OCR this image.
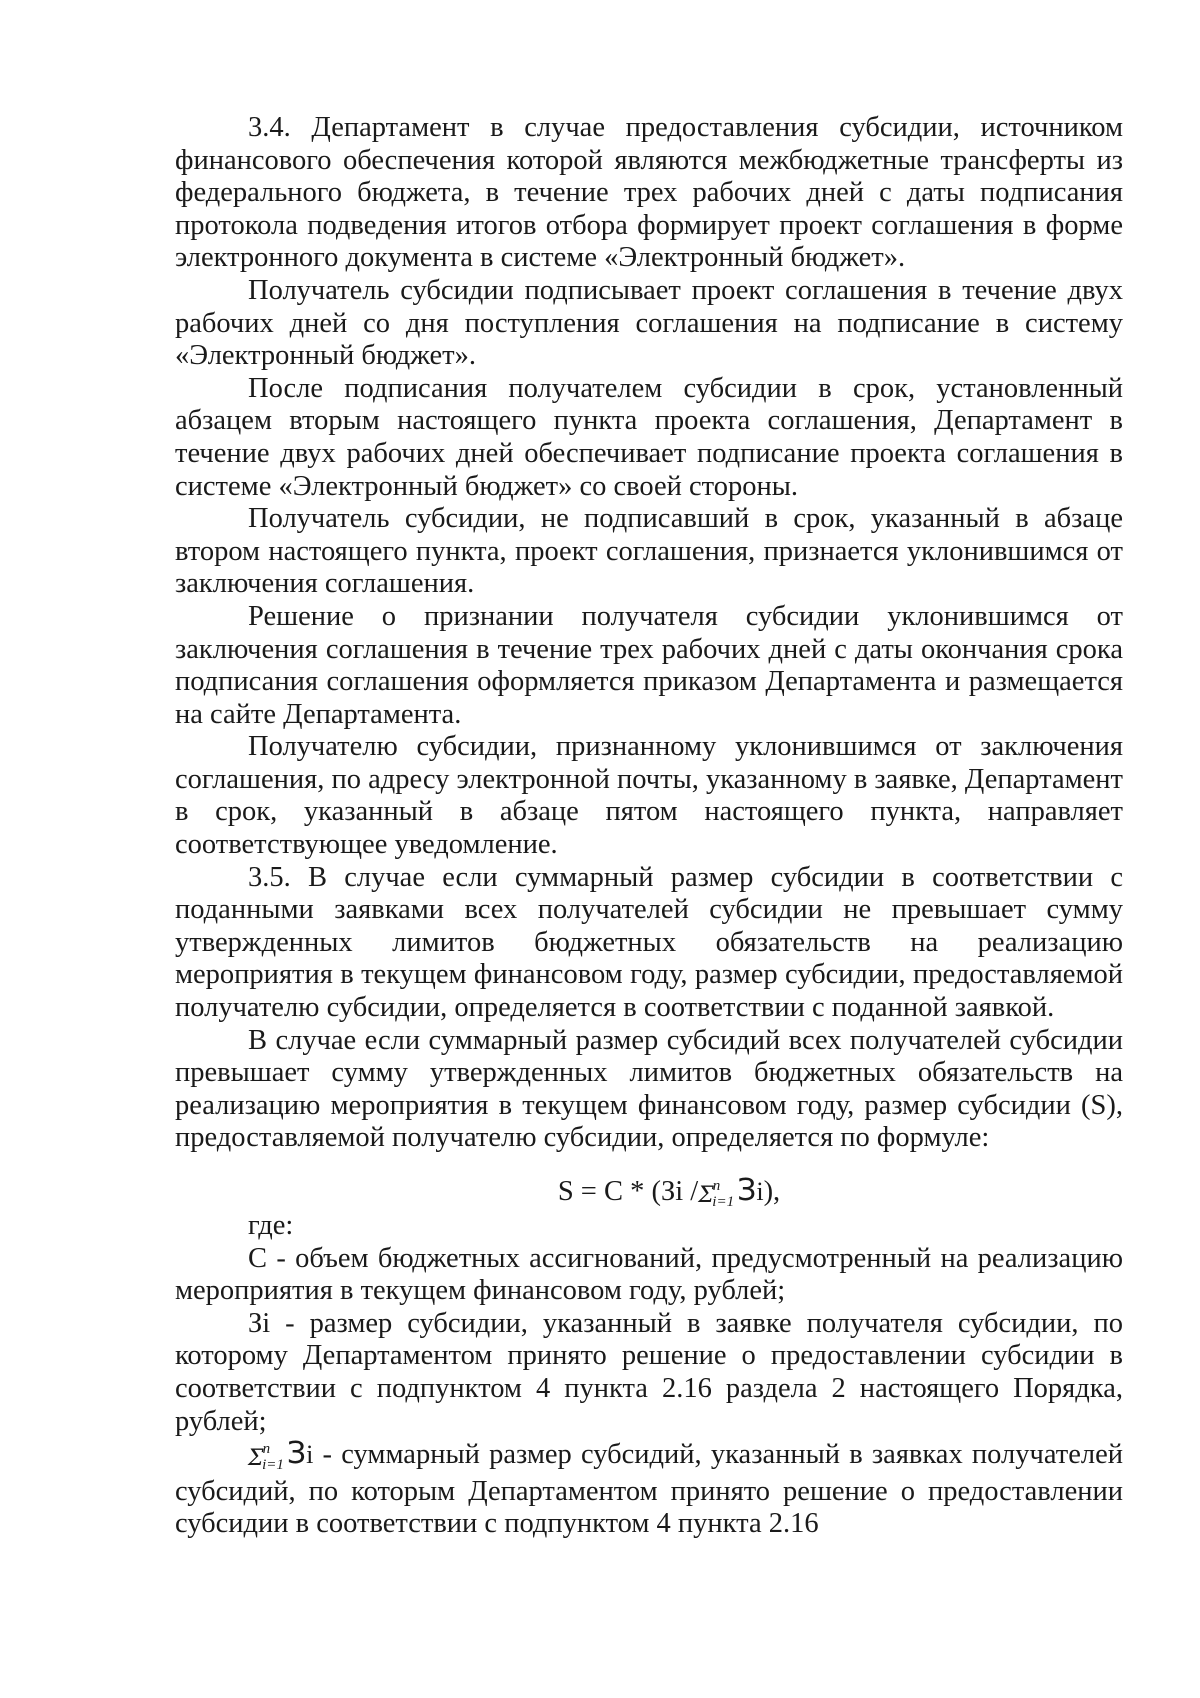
3.4. Департамент в случае предоставления субсидии, источником финансового обеспечения которой являются межбюджетные трансферты из федерального бюджета, в течение трех рабочих дней с даты подписания протокола подведения итогов отбора формирует проект соглашения в форме электронного документа в системе «Электронный бюджет».

Получатель субсидии подписывает проект соглашения в течение двух рабочих дней со дня поступления соглашения на подписание в систему «Электронный бюджет».

После подписания получателем субсидии в срок, установленный абзацем вторым настоящего пункта проекта соглашения, Департамент в течение двух рабочих дней обеспечивает подписание проекта соглашения в системе «Электронный бюджет» со своей стороны.

Получатель субсидии, не подписавший в срок, указанный в абзаце втором настоящего пункта, проект соглашения, признается уклонившимся от заключения соглашения.

Решение о признании получателя субсидии уклонившимся от заключения соглашения в течение трех рабочих дней с даты окончания срока подписания соглашения оформляется приказом Департамента и размещается на сайте Департамента.

Получателю субсидии, признанному уклонившимся от заключения соглашения, по адресу электронной почты, указанному в заявке, Департамент в срок, указанный в абзаце пятом настоящего пункта, направляет соответствующее уведомление.

3.5. В случае если суммарный размер субсидии в соответствии с поданными заявками всех получателей субсидии не превышает сумму утвержденных лимитов бюджетных обязательств на реализацию мероприятия в текущем финансовом году, размер субсидии, предоставляемой получателю субсидии, определяется в соответствии с поданной заявкой.

В случае если суммарный размер субсидий всех получателей субсидии превышает сумму утвержденных лимитов бюджетных обязательств на реализацию мероприятия в текущем финансовом году, размер субсидии (S), предоставляемой получателю субсидии, определяется по формуле:

S = C * (Зi $/\Sigma^n_{i=1}$ Зi),

где:

C - объем бюджетных ассигнований, предусмотренный на реализацию мероприятия в текущем финансовом году, рублей;

Зi - размер субсидии, указанный в заявке получателя субсидии, по которому Департаментом принято решение о предоставлении субсидии в соответствии с подпунктом 4 пункта 2.16 раздела 2 настоящего Порядка, рублей;

$\Sigma^n_{i=1}$ Зi - суммарный размер субсидий, указанный в заявках получателей субсидий, по которым Департаментом принято решение о предоставлении субсидии в соответствии с подпунктом 4 пункта 2.16
